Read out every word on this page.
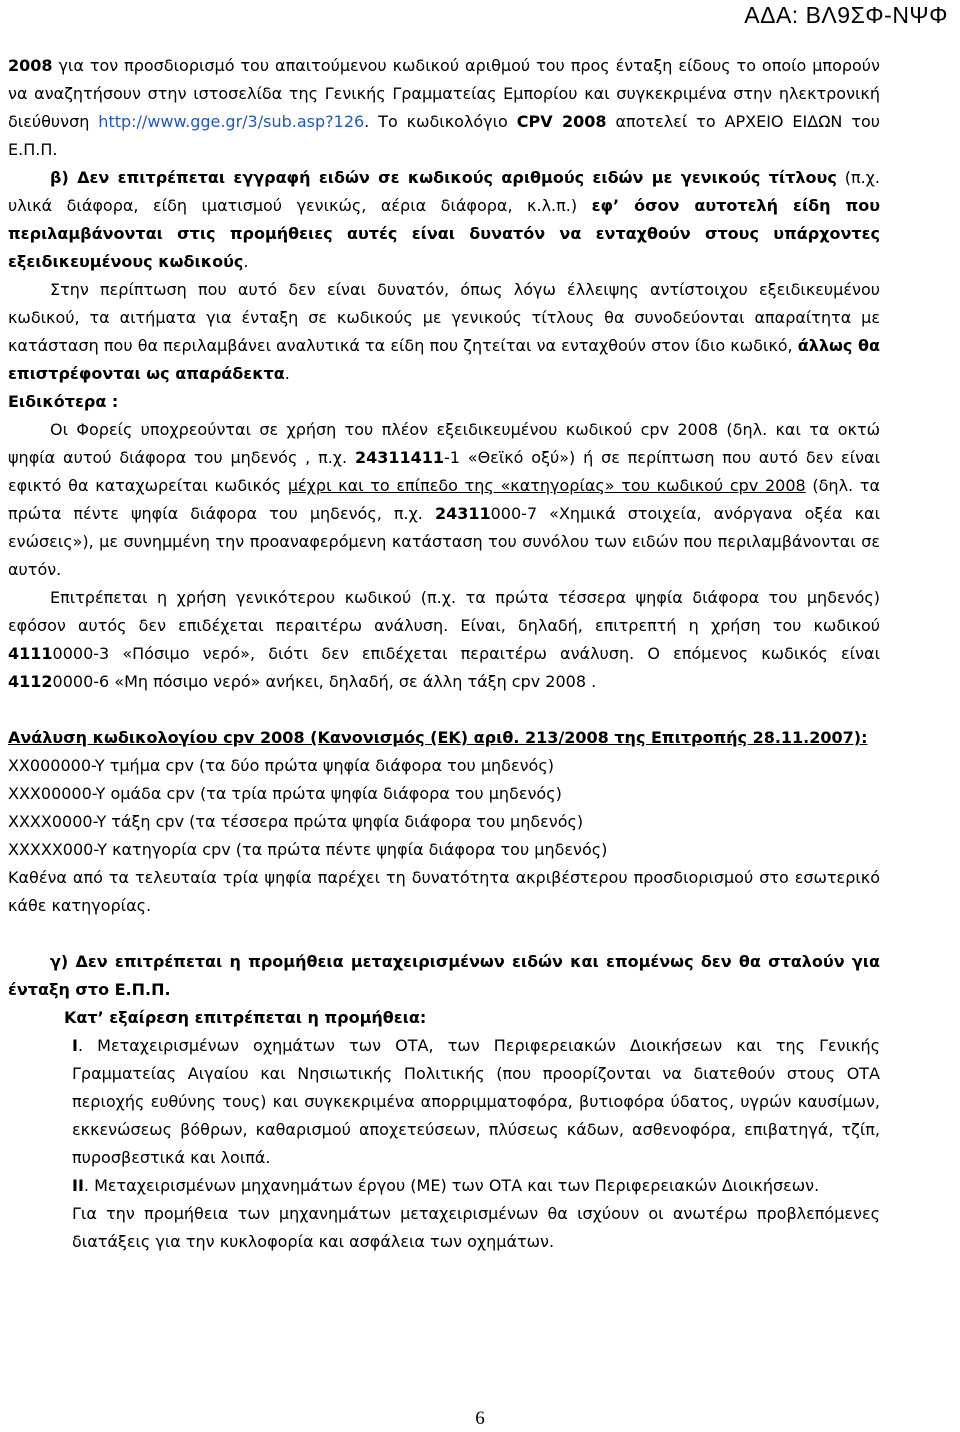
ΑΔΑ: ΒΛ9ΣΦ-ΝΨΦ

2008 για τον προσδιορισμό του απαιτούμενου κωδικού αριθμού του προς ένταξη είδους το οποίο μπορούν να αναζητήσουν στην ιστοσελίδα της Γενικής Γραμματείας Εμπορίου και συγκεκριμένα στην ηλεκτρονική διεύθυνση http://www.gge.gr/3/sub.asp?126. Το κωδικολόγιο CPV 2008 αποτελεί το ΑΡΧΕΙΟ ΕΙΔΩΝ του Ε.Π.Π.

β) Δεν επιτρέπεται εγγραφή ειδών σε κωδικούς αριθμούς ειδών με γενικούς τίτλους (π.χ. υλικά διάφορα, είδη ιματισμού γενικώς, αέρια διάφορα, κ.λ.π.) εφ’ όσον αυτοτελή είδη που περιλαμβάνονται στις προμήθειες αυτές είναι δυνατόν να ενταχθούν στους υπάρχοντες εξειδικευμένους κωδικούς.

Στην περίπτωση που αυτό δεν είναι δυνατόν, όπως λόγω έλλειψης αντίστοιχου εξειδικευμένου κωδικού, τα αιτήματα για ένταξη σε κωδικούς με γενικούς τίτλους θα συνοδεύονται απαραίτητα με κατάσταση που θα περιλαμβάνει αναλυτικά τα είδη που ζητείται να ενταχθούν στον ίδιο κωδικό, άλλως θα επιστρέφονται ως απαράδεκτα.

Ειδικότερα :

Οι Φορείς υποχρεούνται σε χρήση του πλέον εξειδικευμένου κωδικού cpv 2008 (δηλ. και τα οκτώ ψηφία αυτού διάφορα του μηδενός , π.χ. 24311411-1 «Θεϊκό οξύ») ή σε περίπτωση που αυτό δεν είναι εφικτό θα καταχωρείται κωδικός μέχρι και το επίπεδο της «κατηγορίας» του κωδικού cpv 2008 (δηλ. τα πρώτα πέντε ψηφία διάφορα του μηδενός, π.χ. 24311000-7 «Χημικά στοιχεία, ανόργανα οξέα και ενώσεις»), με συνημμένη την προαναφερόμενη κατάσταση του συνόλου των ειδών που περιλαμβάνονται σε αυτόν.

Επιτρέπεται η χρήση γενικότερου κωδικού (π.χ. τα πρώτα τέσσερα ψηφία διάφορα του μηδενός) εφόσον αυτός δεν επιδέχεται περαιτέρω ανάλυση. Είναι, δηλαδή, επιτρεπτή η χρήση του κωδικού 41110000-3 «Πόσιμο νερό», διότι δεν επιδέχεται περαιτέρω ανάλυση. Ο επόμενος κωδικός είναι 41120000-6 «Μη πόσιμο νερό» ανήκει, δηλαδή, σε άλλη τάξη cpv 2008 .

Ανάλυση κωδικολογίου cpv 2008 (Κανονισμός (ΕΚ) αριθ. 213/2008 της Επιτροπής 28.11.2007):

XX000000-Y τμήμα cpv (τα δύο πρώτα ψηφία διάφορα του μηδενός)

XXX00000-Y ομάδα cpv (τα τρία πρώτα ψηφία διάφορα του μηδενός)

XXXX0000-Y τάξη cpv (τα τέσσερα πρώτα ψηφία διάφορα του μηδενός)

XXXXX000-Y κατηγορία cpv (τα πρώτα πέντε ψηφία διάφορα του μηδενός)

Καθένα από τα τελευταία τρία ψηφία παρέχει τη δυνατότητα ακριβέστερου προσδιορισμού στο εσωτερικό κάθε κατηγορίας.

γ) Δεν επιτρέπεται η προμήθεια μεταχειρισμένων ειδών και επομένως δεν θα σταλούν για ένταξη στο Ε.Π.Π.

Κατ’ εξαίρεση επιτρέπεται η προμήθεια:

Ι. Μεταχειρισμένων οχημάτων των ΟΤΑ, των Περιφερειακών Διοικήσεων και της Γενικής Γραμματείας Αιγαίου και Νησιωτικής Πολιτικής (που προορίζονται να διατεθούν στους ΟΤΑ περιοχής ευθύνης τους) και συγκεκριμένα απορριμματοφόρα, βυτιοφόρα ύδατος, υγρών καυσίμων, εκκενώσεως βόθρων, καθαρισμού αποχετεύσεων, πλύσεως κάδων, ασθενοφόρα, επιβατηγά, τζίπ, πυροσβεστικά και λοιπά.

ΙΙ. Μεταχειρισμένων μηχανημάτων έργου (ΜΕ) των ΟΤΑ και των Περιφερειακών Διοικήσεων.

Για την προμήθεια των μηχανημάτων μεταχειρισμένων θα ισχύουν οι ανωτέρω προβλεπόμενες διατάξεις για την κυκλοφορία και ασφάλεια των οχημάτων.

6
